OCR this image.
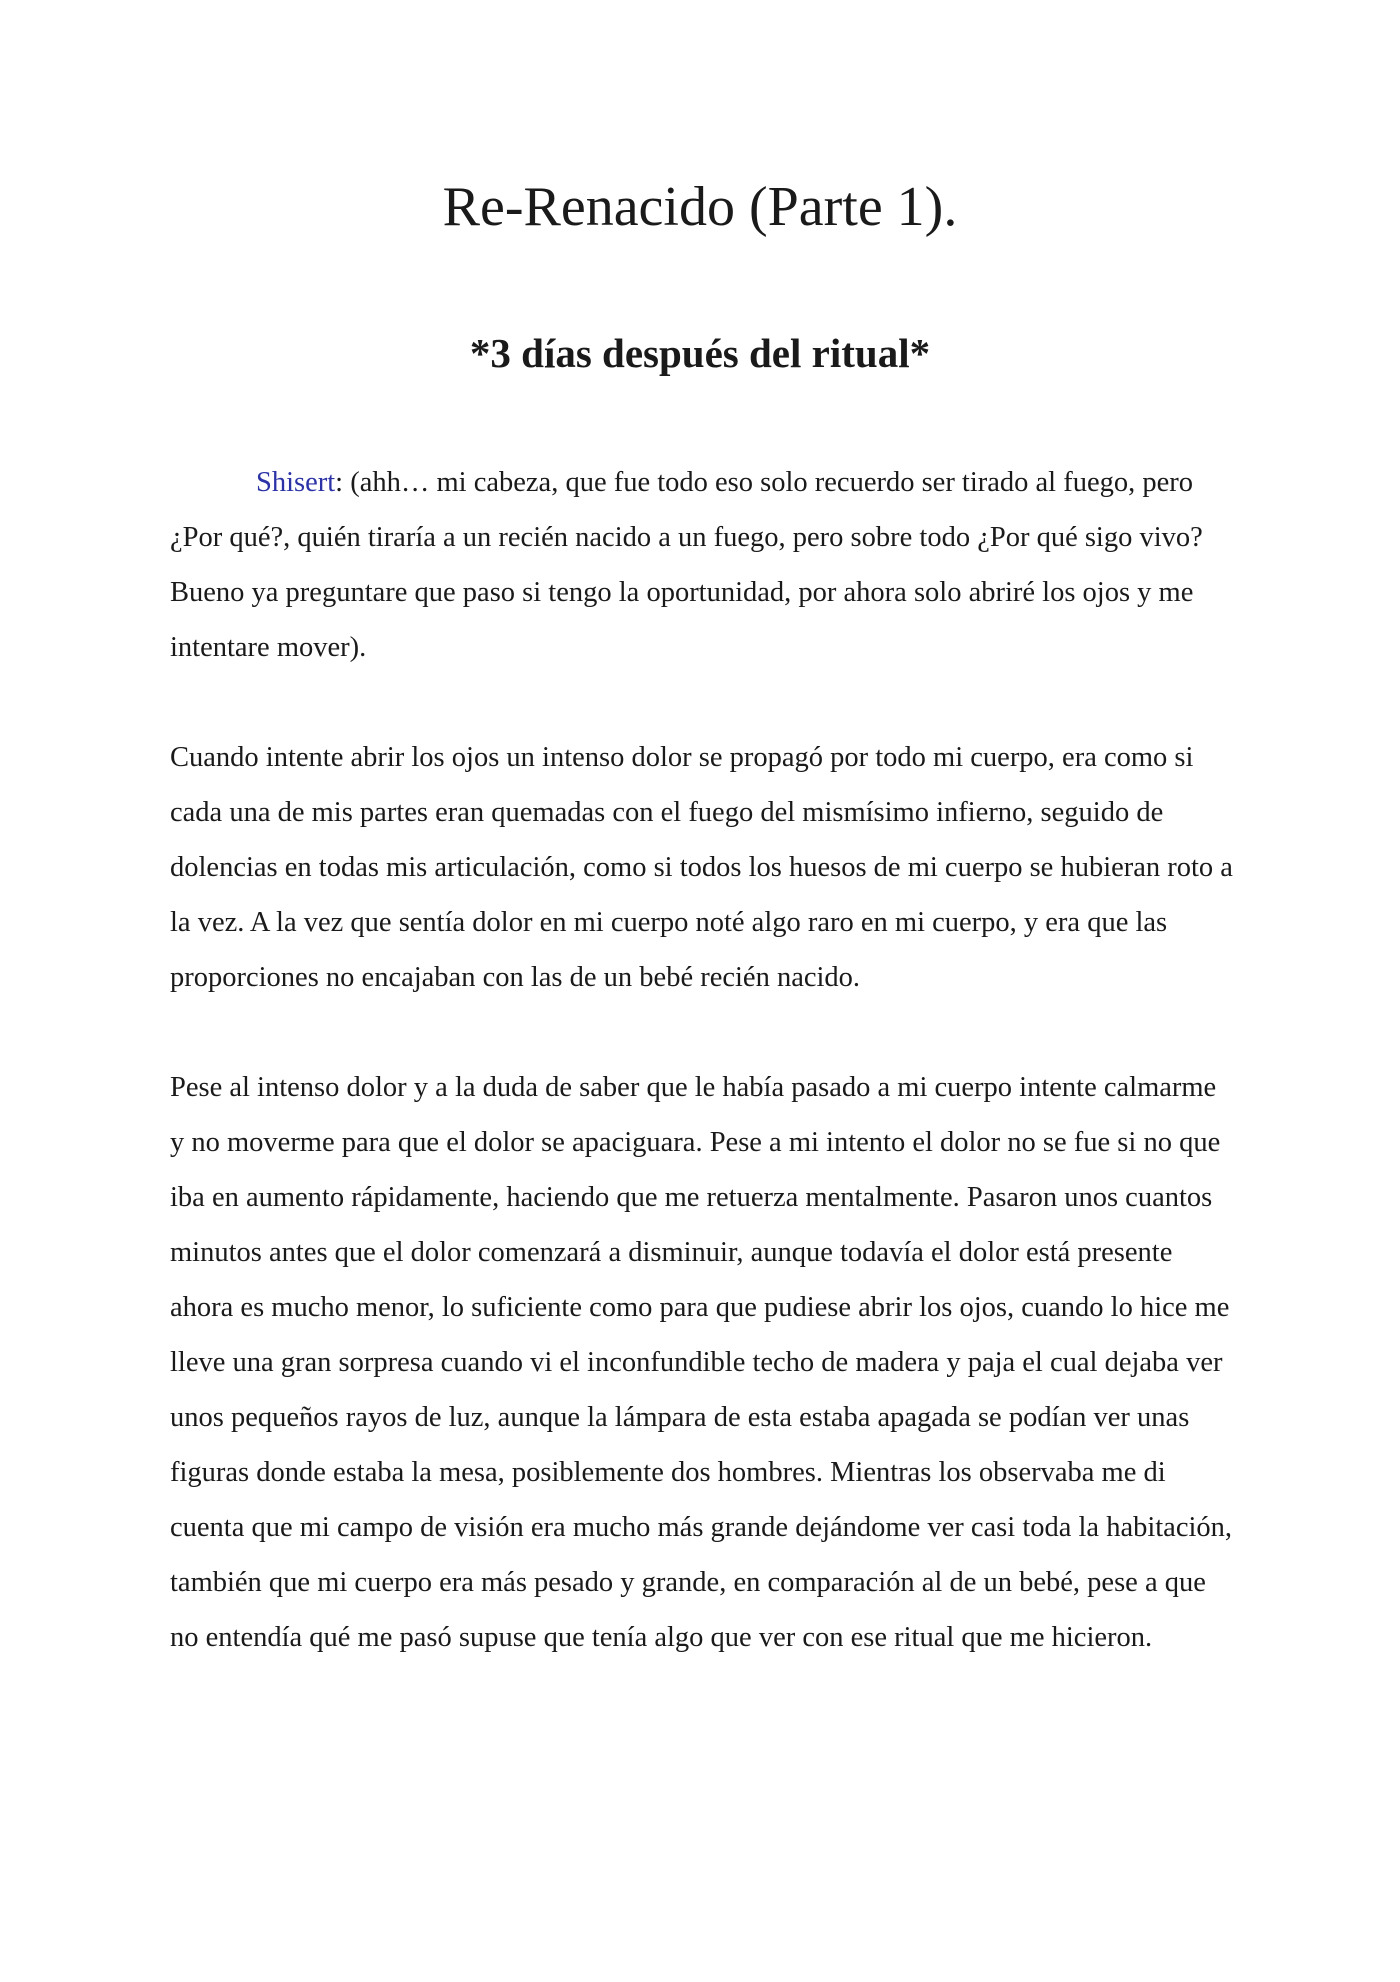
Re-Renacido (Parte 1).
*3 días después del ritual*

Shisert: (ahh… mi cabeza, que fue todo eso solo recuerdo ser tirado al fuego, pero ¿Por qué?, quién tiraría a un recién nacido a un fuego, pero sobre todo ¿Por qué sigo vivo? Bueno ya preguntare que paso si tengo la oportunidad, por ahora solo abriré los ojos y me intentare mover).

Cuando intente abrir los ojos un intenso dolor se propagó por todo mi cuerpo, era como si cada una de mis partes eran quemadas con el fuego del mismísimo infierno, seguido de dolencias en todas mis articulación, como si todos los huesos de mi cuerpo se hubieran roto a la vez. A la vez que sentía dolor en mi cuerpo noté algo raro en mi cuerpo, y era que las proporciones no encajaban con las de un bebé recién nacido.

Pese al intenso dolor y a la duda de saber que le había pasado a mi cuerpo intente calmarme y no moverme para que el dolor se apaciguara. Pese a mi intento el dolor no se fue si no que iba en aumento rápidamente, haciendo que me retuerza mentalmente. Pasaron unos cuantos minutos antes que el dolor comenzará a disminuir, aunque todavía el dolor está presente ahora es mucho menor, lo suficiente como para que pudiese abrir los ojos, cuando lo hice me lleve una gran sorpresa cuando vi el inconfundible techo de madera y paja el cual dejaba ver unos pequeños rayos de luz, aunque la lámpara de esta estaba apagada se podían ver unas figuras donde estaba la mesa, posiblemente dos hombres. Mientras los observaba me di cuenta que mi campo de visión era mucho más grande dejándome ver casi toda la habitación, también que mi cuerpo era más pesado y grande, en comparación al de un bebé, pese a que no entendía qué me pasó supuse que tenía algo que ver con ese ritual que me hicieron.
